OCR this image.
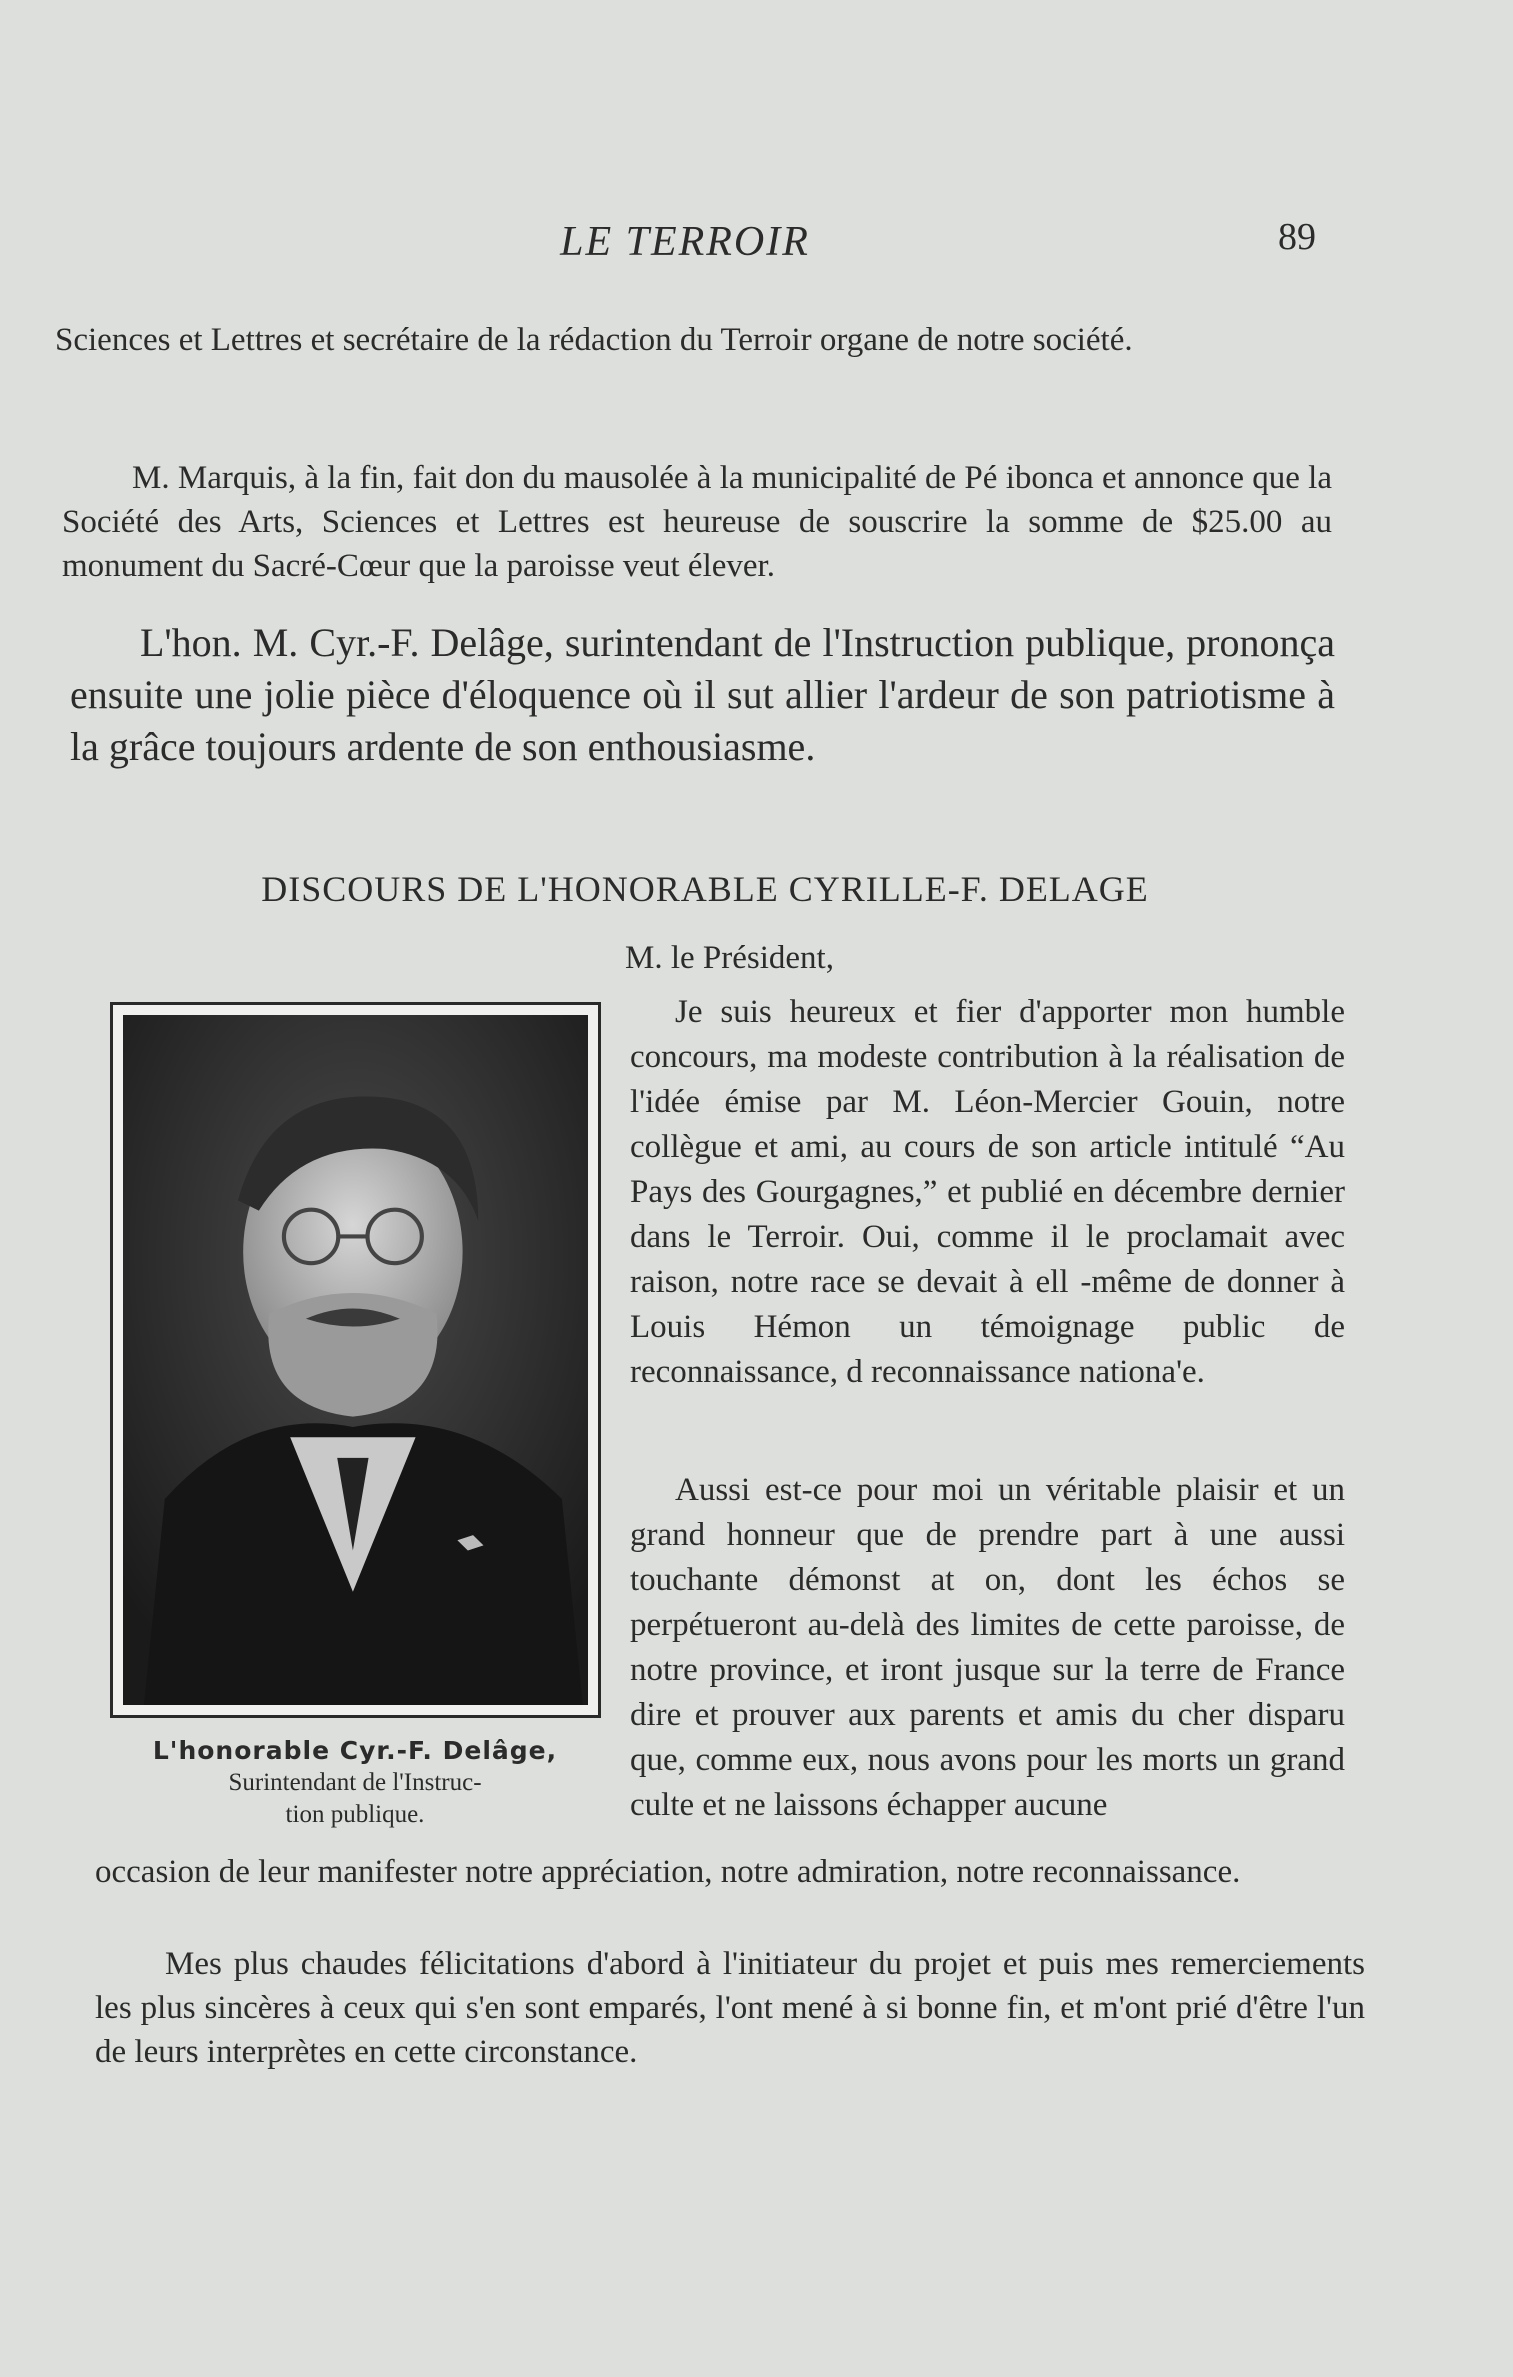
LE TERROIR	89

Sciences et Lettres et secrétaire de la rédaction du Terroir organe de notre société.

M. Marquis, à la fin, fait don du mausolée à la municipalité de Pé ibonca et annonce que la Société des Arts, Sciences et Lettres est heureuse de souscrire la somme de $25.00 au monument du Sacré-Cœur que la paroisse veut élever.

L'hon. M. Cyr.-F. Delâge, surintendant de l'Instruction publique, prononça ensuite une jolie pièce d'éloquence où il sut allier l'ardeur de son patriotisme à la grâce toujours ardente de son enthousiasme.

DISCOURS DE L'HONORABLE CYRILLE-F. DELAGE
M. le Président,
L'honorable Cyr.-F. Delâge,
Surintendant de l'Instruc-
tion publique.

Je suis heureux et fier d'apporter mon humble concours, ma modeste contribution à la réalisation de l'idée émise par M. Léon-Mercier Gouin, notre collègue et ami, au cours de son article intitulé “Au Pays des Gourgagnes,” et publié en décembre dernier dans le Terroir. Oui, comme il le proclamait avec raison, notre race se devait à ell -même de donner à Louis Hémon un témoignage public de reconnaissance, d reconnaissance nationa'e.

Aussi est-ce pour moi un véritable plaisir et un grand honneur que de prendre part à une aussi touchante démonst at on, dont les échos se perpétueront au-delà des limites de cette paroisse, de notre province, et iront jusque sur la terre de France dire et prouver aux parents et amis du cher disparu que, comme eux, nous avons pour les morts un grand culte et ne laissons échapper aucune

occasion de leur manifester notre appréciation, notre admiration, notre reconnaissance.

Mes plus chaudes félicitations d'abord à l'initiateur du projet et puis mes remerciements les plus sincères à ceux qui s'en sont emparés, l'ont mené à si bonne fin, et m'ont prié d'être l'un de leurs interprètes en cette circonstance.
